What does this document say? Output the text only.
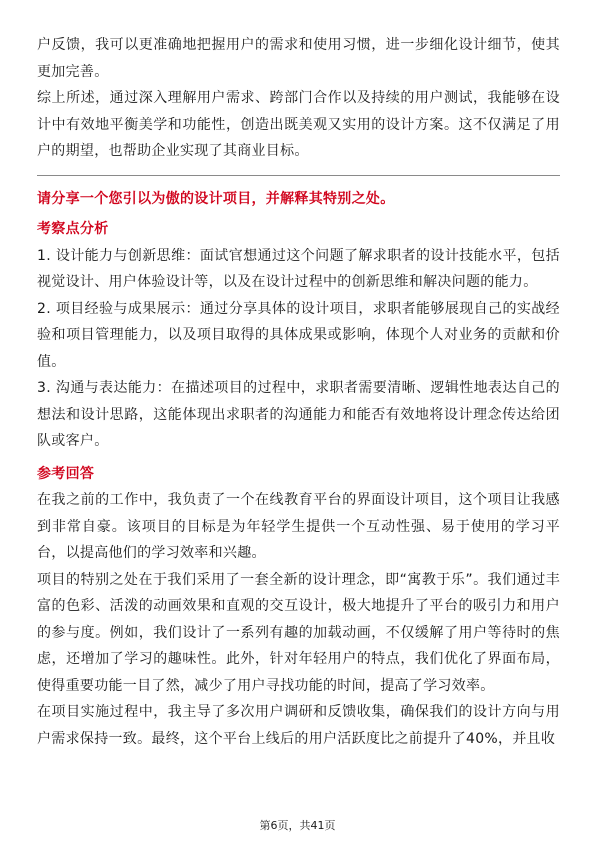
户反馈，我可以更准确地把握用户的需求和使用习惯，进一步细化设计细节，使其更加完善。

综上所述，通过深入理解用户需求、跨部门合作以及持续的用户测试，我能够在设计中有效地平衡美学和功能性，创造出既美观又实用的设计方案。这不仅满足了用户的期望，也帮助企业实现了其商业目标。

请分享一个您引以为傲的设计项目，并解释其特别之处。

考察点分析

1. 设计能力与创新思维：面试官想通过这个问题了解求职者的设计技能水平，包括视觉设计、用户体验设计等，以及在设计过程中的创新思维和解决问题的能力。

2. 项目经验与成果展示：通过分享具体的设计项目，求职者能够展现自己的实战经验和项目管理能力，以及项目取得的具体成果或影响，体现个人对业务的贡献和价值。

3. 沟通与表达能力：在描述项目的过程中，求职者需要清晰、逻辑性地表达自己的想法和设计思路，这能体现出求职者的沟通能力和能否有效地将设计理念传达给团队或客户。

参考回答

在我之前的工作中，我负责了一个在线教育平台的界面设计项目，这个项目让我感到非常自豪。该项目的目标是为年轻学生提供一个互动性强、易于使用的学习平台，以提高他们的学习效率和兴趣。

项目的特别之处在于我们采用了一套全新的设计理念，即“寓教于乐”。我们通过丰富的色彩、活泼的动画效果和直观的交互设计，极大地提升了平台的吸引力和用户的参与度。例如，我们设计了一系列有趣的加载动画，不仅缓解了用户等待时的焦虑，还增加了学习的趣味性。此外，针对年轻用户的特点，我们优化了界面布局，使得重要功能一目了然，减少了用户寻找功能的时间，提高了学习效率。

在项目实施过程中，我主导了多次用户调研和反馈收集，确保我们的设计方向与用户需求保持一致。最终，这个平台上线后的用户活跃度比之前提升了40%，并且收

第6页，共41页
